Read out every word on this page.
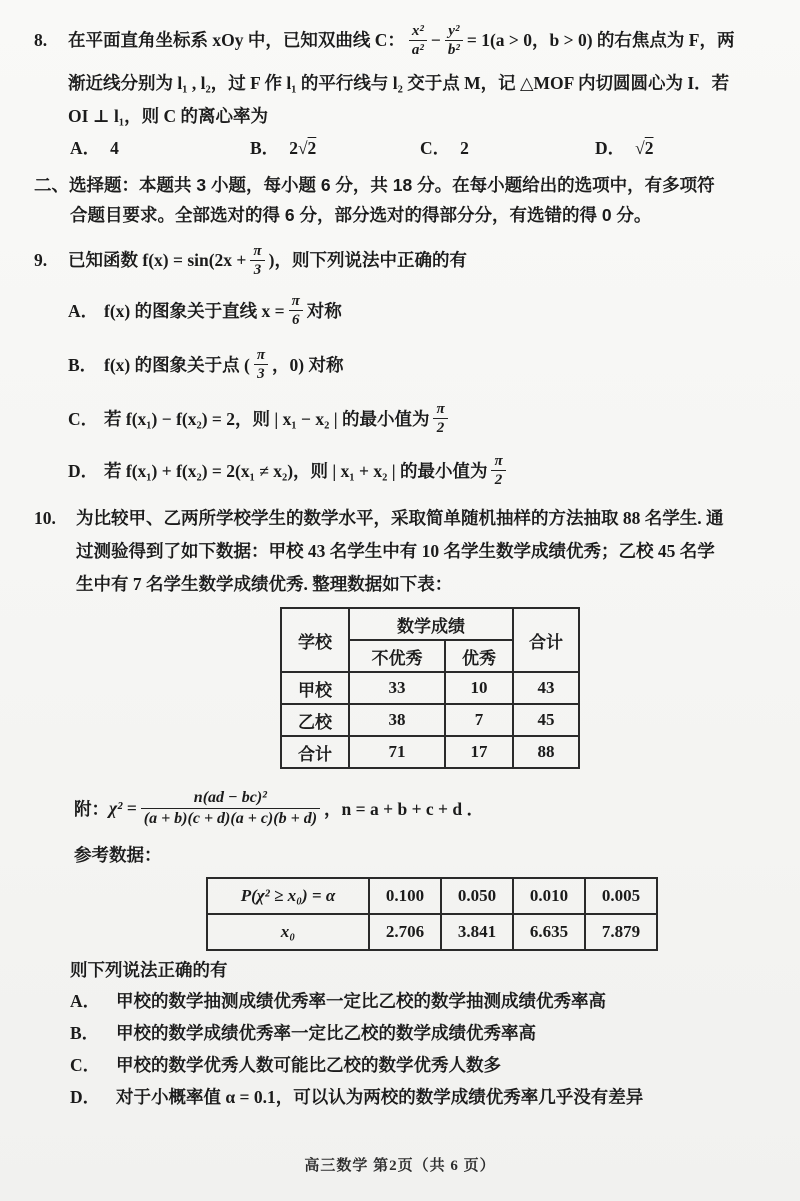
8.	在平面直角坐标系 xOy 中，已知双曲线 C： $\frac{\text{x²}}{\text{a²}} - \frac{\text{y²}}{\text{b²}} = 1(a > 0$，b > 0) 的右焦点为 F，两
渐近线分别为 l₁ , l₂，过 F 作 l₁ 的平行线与 l₂ 交于点 M，记 △MOF 内切圆圆心为 I．若
OI ⊥ l₁，则 C 的离心率为
A． 4	B． 2√2	C． 2	D． √2
二、选择题：本题共 3 小题，每小题 6 分，共 18 分。在每小题给出的选项中，有多项符
合题目要求。全部选对的得 6 分，部分选对的得部分分，有选错的得 0 分。
9.	已知函数 $f(x) = \sin(2x + \frac{\pi}{3}$ )，则下列说法中正确的有
A． f(x) 的图象关于直线 $x = \frac{\pi}{6}$ 对称
B． f(x) 的图象关于点 ( $\frac{\pi}{3}$ ，0) 对称
C． 若 f(x₁) − f(x₂) = 2，则 | x₁ − x₂ | 的最小值为 $\frac{\pi}{2}$
D． 若 f(x₁) + f(x₂) = 2(x₁ ≠ x₂)，则 | x₁ + x₂ | 的最小值为 $\frac{\pi}{2}$
10.	为比较甲、乙两所学校学生的数学水平，采取简单随机抽样的方法抽取 88 名学生. 通
过测验得到了如下数据：甲校 43 名学生中有 10 名学生数学成绩优秀；乙校 45 名学
生中有 7 名学生数学成绩优秀. 整理数据如下表：
学校	数学成绩		合计
	不优秀	优秀	
甲校	33	10	43
乙校	38	7	45
合计	71	17	88
附： $\chi^2 = \frac{\text{n(ad − bc)²}}{(a + b)(c + d)(a + c)(b + d)}$ ，n = a + b + c + d ．
参考数据：
P(χ² ≥ x₀) = α	0.100	0.050	0.010	0.005
x₀	2.706	3.841	6.635	7.879
则下列说法正确的有
A． 甲校的数学抽测成绩优秀率一定比乙校的数学抽测成绩优秀率高
B． 甲校的数学成绩优秀率一定比乙校的数学成绩优秀率高
C． 甲校的数学优秀人数可能比乙校的数学优秀人数多
D． 对于小概率值 α = 0.1，可以认为两校的数学成绩优秀率几乎没有差异
高三数学 第2页（共 6 页）
